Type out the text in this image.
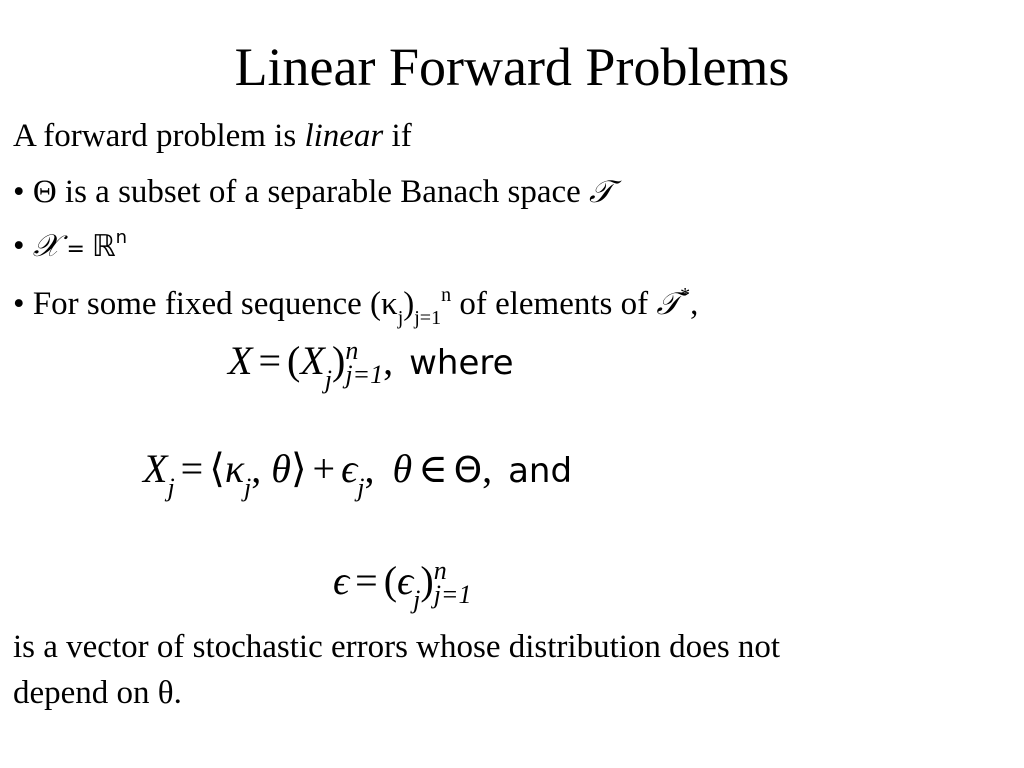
Linear Forward Problems
A forward problem is linear if
• Θ is a subset of a separable Banach space 𝒯
• 𝒳 = ℝ$^n$
• For some fixed sequence $(\kappa_j)_{j=1}^n$ of elements of 𝒯*,
$X = (X_j)$ n
j=1 , where
$X_j$ = $⟨\kappa_j$, θ⟩ + $\epsilon_j$, θ ∈ Θ, and
$\epsilon = (\epsilon_j)$ n
j=1
is a vector of stochastic errors whose distribution does not
depend on θ.
